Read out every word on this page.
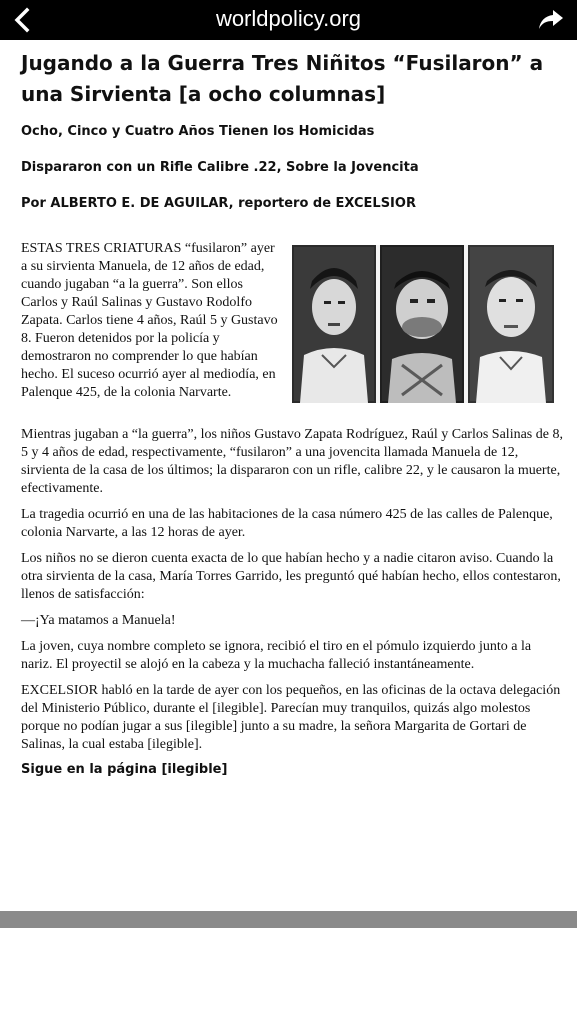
worldpolicy.org
Jugando a la Guerra Tres Niñitos “Fusilaron” a una Sirvienta [a ocho columnas]

Ocho, Cinco y Cuatro Años Tienen los Homicidas

Dispararon con un Rifle Calibre .22, Sobre la Jovencita

Por ALBERTO E. DE AGUILAR, reportero de EXCELSIOR

ESTAS TRES CRIATURAS “fusilaron” ayer a su sirvienta Manuela, de 12 años de edad, cuando jugaban “a la guerra”. Son ellos Carlos y Raúl Salinas y Gustavo Rodolfo Zapata. Carlos tiene 4 años, Raúl 5 y Gustavo 8. Fueron detenidos por la policía y demostraron no comprender lo que habían hecho. El suceso ocurrió ayer al mediodía, en Palenque 425, de la colonia Narvarte.

Mientras jugaban a “la guerra”, los niños Gustavo Zapata Rodríguez, Raúl y Carlos Salinas de 8, 5 y 4 años de edad, respectivamente, “fusilaron” a una jovencita llamada Manuela de 12, sirvienta de la casa de los últimos; la dispararon con un rifle, calibre 22, y le causaron la muerte, efectivamente.

La tragedia ocurrió en una de las habitaciones de la casa número 425 de las calles de Palenque, colonia Narvarte, a las 12 horas de ayer.

Los niños no se dieron cuenta exacta de lo que habían hecho y a nadie citaron aviso. Cuando la otra sirvienta de la casa, María Torres Garrido, les preguntó qué habían hecho, ellos contestaron, llenos de satisfacción:

—¡Ya matamos a Manuela!

La joven, cuya nombre completo se ignora, recibió el tiro en el pómulo izquierdo junto a la nariz. El proyectil se alojó en la cabeza y la muchacha falleció instantáneamente.

EXCELSIOR habló en la tarde de ayer con los pequeños, en las oficinas de la octava delegación del Ministerio Público, durante el [ilegible]. Parecían muy tranquilos, quizás algo molestos porque no podían jugar a sus [ilegible] junto a su madre, la señora Margarita de Gortari de Salinas, la cual estaba [ilegible].

Sigue en la página [ilegible]
